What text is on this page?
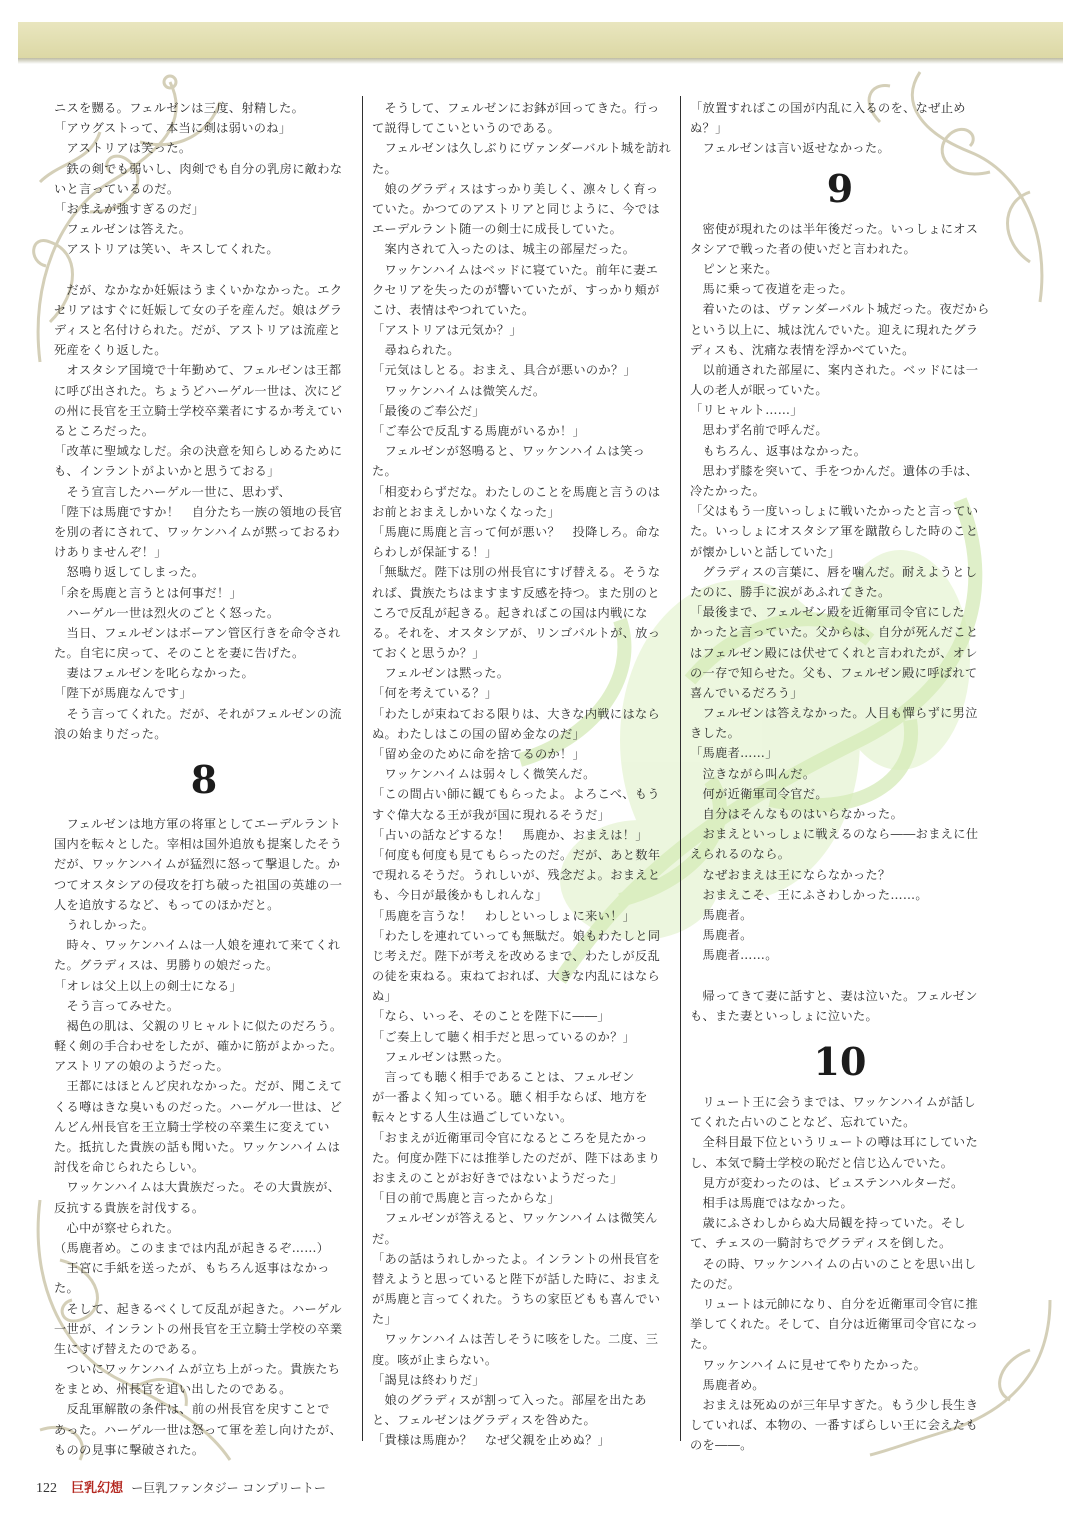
ニスを嬲る。フェルゼンは三度、射精した。
「アウグストって、本当に剣は弱いのね」
　アストリアは笑った。
　鉄の剣でも弱いし、肉剣でも自分の乳房に敵わな
いと言っているのだ。
「おまえが強すぎるのだ」
　フェルゼンは答えた。
　アストリアは笑い、キスしてくれた。

　だが、なかなか妊娠はうまくいかなかった。エク
セリアはすぐに妊娠して女の子を産んだ。娘はグラ
ディスと名付けられた。だが、アストリアは流産と
死産をくり返した。
　オスタシア国境で十年勤めて、フェルゼンは王都
に呼び出された。ちょうどハーゲル一世は、次にど
の州に長官を王立騎士学校卒業者にするか考えてい
るところだった。
「改革に聖域なしだ。余の決意を知らしめるために
も、インラントがよいかと思うておる」
　そう宣言したハーゲル一世に、思わず、
「陛下は馬鹿ですか！　自分たち一族の領地の長官
を別の者にされて、ワッケンハイムが黙っておるわ
けありませんぞ！」
　怒鳴り返してしまった。
「余を馬鹿と言うとは何事だ！」
　ハーゲル一世は烈火のごとく怒った。
　当日、フェルゼンはボーアン管区行きを命令され
た。自宅に戻って、そのことを妻に告げた。
　妻はフェルゼンを叱らなかった。
「陛下が馬鹿なんです」
　そう言ってくれた。だが、それがフェルゼンの流
浪の始まりだった。
8
　フェルゼンは地方軍の将軍としてエーデルラント
国内を転々とした。宰相は国外追放も提案したそう
だが、ワッケンハイムが猛烈に怒って撃退した。か
つてオスタシアの侵攻を打ち破った祖国の英雄の一
人を追放するなど、もってのほかだと。
　うれしかった。
　時々、ワッケンハイムは一人娘を連れて来てくれ
た。グラディスは、男勝りの娘だった。
「オレは父上以上の剣士になる」
　そう言ってみせた。
　褐色の肌は、父親のリヒャルトに似たのだろう。
軽く剣の手合わせをしたが、確かに筋がよかった。
アストリアの娘のようだった。
　王都にはほとんど戻れなかった。だが、聞こえて
くる噂はきな臭いものだった。ハーゲル一世は、ど
んどん州長官を王立騎士学校の卒業生に変えてい
た。抵抗した貴族の話も聞いた。ワッケンハイムは
討伐を命じられたらしい。
　ワッケンハイムは大貴族だった。その大貴族が、
反抗する貴族を討伐する。
　心中が察せられた。
（馬鹿者め。このままでは内乱が起きるぞ……）
　王宮に手紙を送ったが、もちろん返事はなかっ
た。
　そして、起きるべくして反乱が起きた。ハーゲル
一世が、インラントの州長官を王立騎士学校の卒業
生にすげ替えたのである。
　ついにワッケンハイムが立ち上がった。貴族たち
をまとめ、州長官を追い出したのである。
　反乱軍解散の条件は、前の州長官を戻すことで
あった。ハーゲル一世は怒って軍を差し向けたが、
ものの見事に撃破された。
　そうして、フェルゼンにお鉢が回ってきた。行っ
て説得してこいというのである。
　フェルゼンは久しぶりにヴァンダーバルト城を訪れ
た。
　娘のグラディスはすっかり美しく、凛々しく育っ
ていた。かつてのアストリアと同じように、今では
エーデルラント随一の剣士に成長していた。
　案内されて入ったのは、城主の部屋だった。
　ワッケンハイムはベッドに寝ていた。前年に妻エ
クセリアを失ったのが響いていたが、すっかり頬が
こけ、表情はやつれていた。
「アストリアは元気か？」
　尋ねられた。
「元気はしとる。おまえ、具合が悪いのか？」
　ワッケンハイムは微笑んだ。
「最後のご奉公だ」
「ご奉公で反乱する馬鹿がいるか！」
　フェルゼンが怒鳴ると、ワッケンハイムは笑っ
た。
「相変わらずだな。わたしのことを馬鹿と言うのは
お前とおまえしかいなくなった」
「馬鹿に馬鹿と言って何が悪い？　投降しろ。命な
らわしが保証する！」
「無駄だ。陛下は別の州長官にすげ替える。そうな
れば、貴族たちはますます反感を持つ。また別のと
ころで反乱が起きる。起きればこの国は内戦にな
る。それを、オスタシアが、リンゴバルトが、放っ
ておくと思うか？」
　フェルゼンは黙った。
「何を考えている？」
「わたしが束ねておる限りは、大きな内戦にはなら
ぬ。わたしはこの国の留め金なのだ」
「留め金のために命を捨てるのか！」
　ワッケンハイムは弱々しく微笑んだ。
「この間占い師に観てもらったよ。よろこべ、もう
すぐ偉大なる王が我が国に現れるそうだ」
「占いの話などするな！　馬鹿か、おまえは！」
「何度も何度も見てもらったのだ。だが、あと数年
で現れるそうだ。うれしいが、残念だよ。おまえと
も、今日が最後かもしれんな」
「馬鹿を言うな！　わしといっしょに来い！」
「わたしを連れていっても無駄だ。娘もわたしと同
じ考えだ。陛下が考えを改めるまで、わたしが反乱
の徒を束ねる。束ねておれば、大きな内乱にはなら
ぬ」
「なら、いっそ、そのことを陛下に――」
「ご奏上して聴く相手だと思っているのか？」
　フェルゼンは黙った。
　言っても聴く相手であることは、フェルゼン
が一番よく知っている。聴く相手ならば、地方を
転々とする人生は過ごしていない。
「おまえが近衛軍司令官になるところを見たかっ
た。何度か陛下には推挙したのだが、陛下はあまり
おまえのことがお好きではないようだった」
「目の前で馬鹿と言ったからな」
　フェルゼンが答えると、ワッケンハイムは微笑ん
だ。
「あの話はうれしかったよ。インラントの州長官を
替えようと思っていると陛下が話した時に、おまえ
が馬鹿と言ってくれた。うちの家臣どもも喜んでい
た」
　ワッケンハイムは苦しそうに咳をした。二度、三
度。咳が止まらない。
「謁見は終わりだ」
　娘のグラディスが割って入った。部屋を出たあ
と、フェルゼンはグラディスを咎めた。
「貴様は馬鹿か？　なぜ父親を止めぬ？」
「放置すればこの国が内乱に入るのを、なぜ止め
ぬ？」
　フェルゼンは言い返せなかった。
9
　密使が現れたのは半年後だった。いっしょにオス
タシアで戦った者の使いだと言われた。
　ピンと来た。
　馬に乗って夜道を走った。
　着いたのは、ヴァンダーバルト城だった。夜だから
という以上に、城は沈んでいた。迎えに現れたグラ
ディスも、沈痛な表情を浮かべていた。
　以前通された部屋に、案内された。ベッドには一
人の老人が眠っていた。
「リヒャルト……」
　思わず名前で呼んだ。
　もちろん、返事はなかった。
　思わず膝を突いて、手をつかんだ。遺体の手は、
冷たかった。
「父はもう一度いっしょに戦いたかったと言ってい
た。いっしょにオスタシア軍を蹴散らした時のこと
が懐かしいと話していた」
　グラディスの言葉に、唇を噛んだ。耐えようとし
たのに、勝手に涙があふれてきた。
「最後まで、フェルゼン殿を近衛軍司令官にした
かったと言っていた。父からは、自分が死んだこと
はフェルゼン殿には伏せてくれと言われたが、オレ
の一存で知らせた。父も、フェルゼン殿に呼ばれて
喜んでいるだろう」
　フェルゼンは答えなかった。人目も憚らずに男泣
きした。
「馬鹿者……」
　泣きながら叫んだ。
　何が近衛軍司令官だ。
　自分はそんなものはいらなかった。
　おまえといっしょに戦えるのなら――おまえに仕
えられるのなら。
　なぜおまえは王にならなかった？
　おまえこそ、王にふさわしかった……。
　馬鹿者。
　馬鹿者。
　馬鹿者……。

　帰ってきて妻に話すと、妻は泣いた。フェルゼン
も、また妻といっしょに泣いた。
10
　リュート王に会うまでは、ワッケンハイムが話し
てくれた占いのことなど、忘れていた。
　全科目最下位というリュートの噂は耳にしていた
し、本気で騎士学校の恥だと信じ込んでいた。
　見方が変わったのは、ビュステンハルターだ。
　相手は馬鹿ではなかった。
　歳にふさわしからぬ大局観を持っていた。そし
て、チェスの一騎討ちでグラディスを倒した。
　その時、ワッケンハイムの占いのことを思い出し
たのだ。
　リュートは元帥になり、自分を近衛軍司令官に推
挙してくれた。そして、自分は近衛軍司令官になっ
た。
　ワッケンハイムに見せてやりたかった。
　馬鹿者め。
　おまえは死ぬのが三年早すぎた。もう少し長生き
していれば、本物の、一番すばらしい王に会えたも
のを――。
122 巨乳幻想 ー巨乳ファンタジー コンプリートー
